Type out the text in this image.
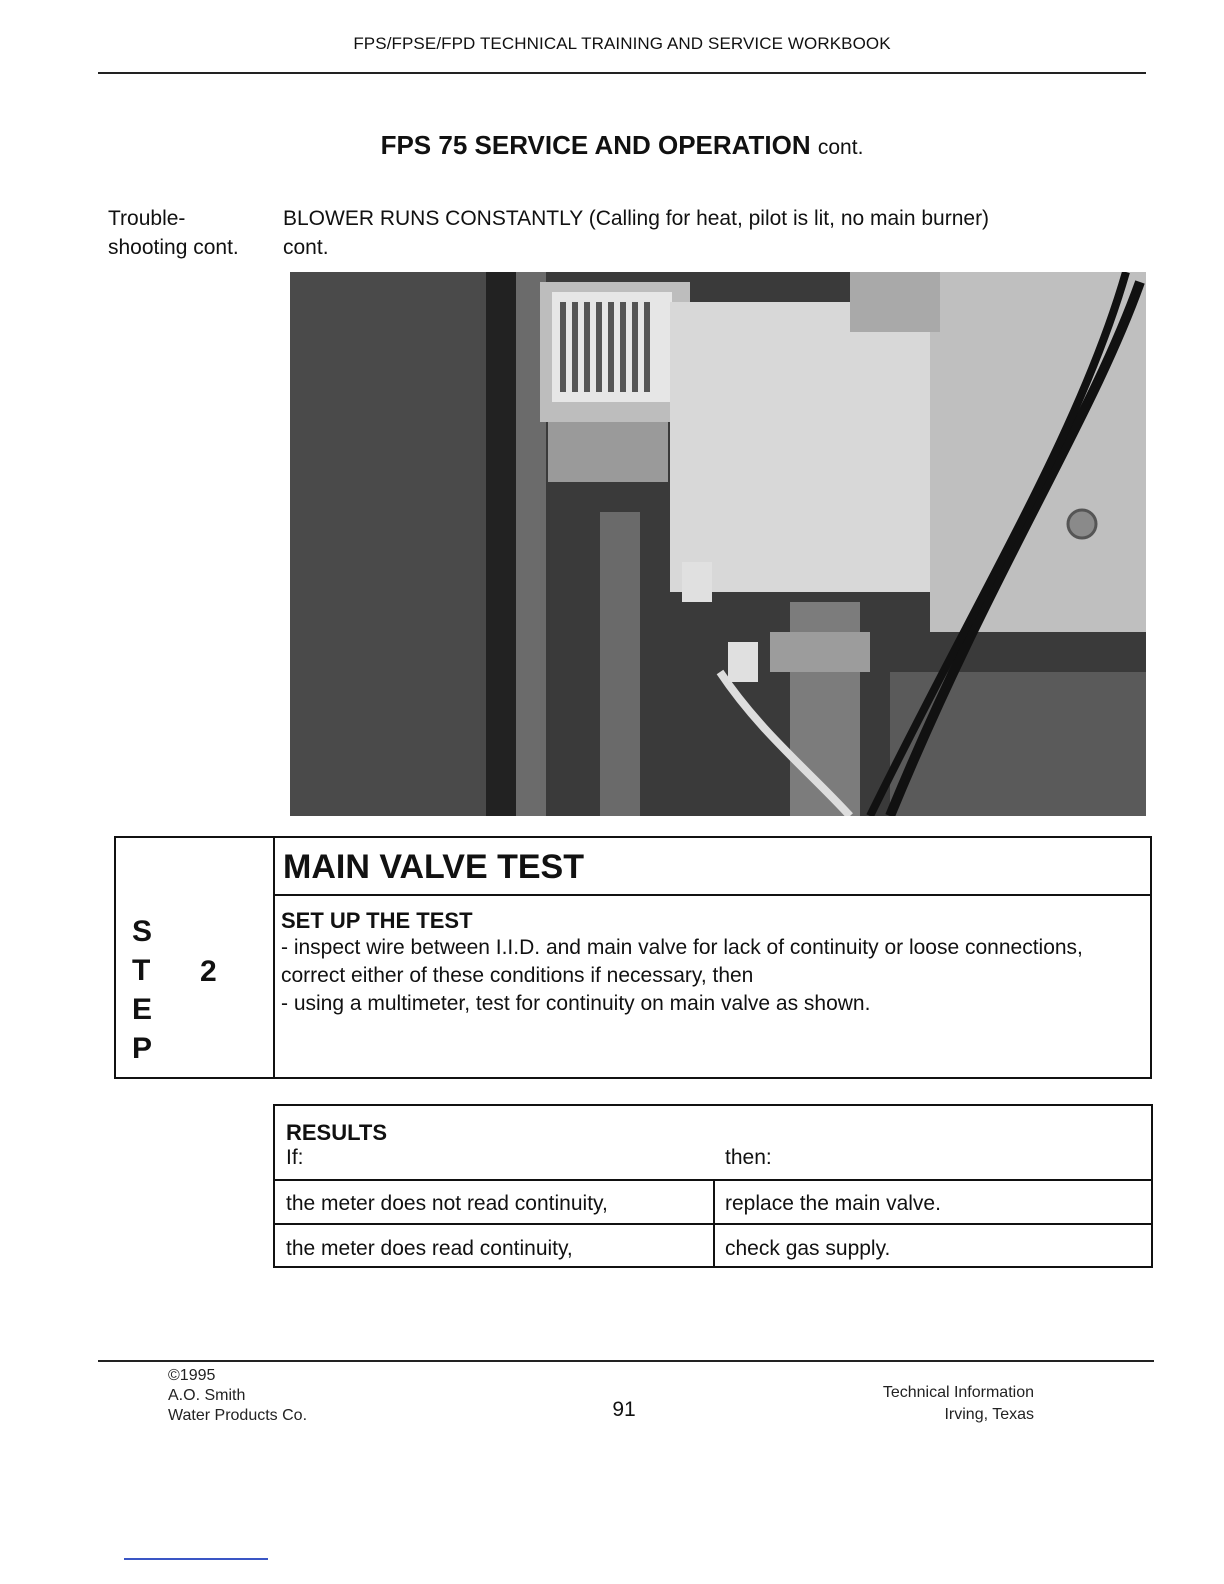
FPS/FPSE/FPD TECHNICAL TRAINING AND SERVICE WORKBOOK
FPS 75 SERVICE AND OPERATION cont.
Trouble-
shooting cont.
BLOWER RUNS CONSTANTLY (Calling for heat, pilot is lit, no main burner)
cont.
S
T
E
P
2
MAIN VALVE TEST
SET UP THE TEST
- inspect wire between I.I.D. and main valve for lack of continuity or loose connections, correct either of these conditions if necessary, then
- using a multimeter, test for continuity on main valve as shown.
RESULTS
If:	then:
the meter does not read continuity,	replace the main valve.
the meter does read continuity,	check gas supply.
©1995
A.O. Smith
Water Products Co.	91
Technical Information
Irving, Texas
